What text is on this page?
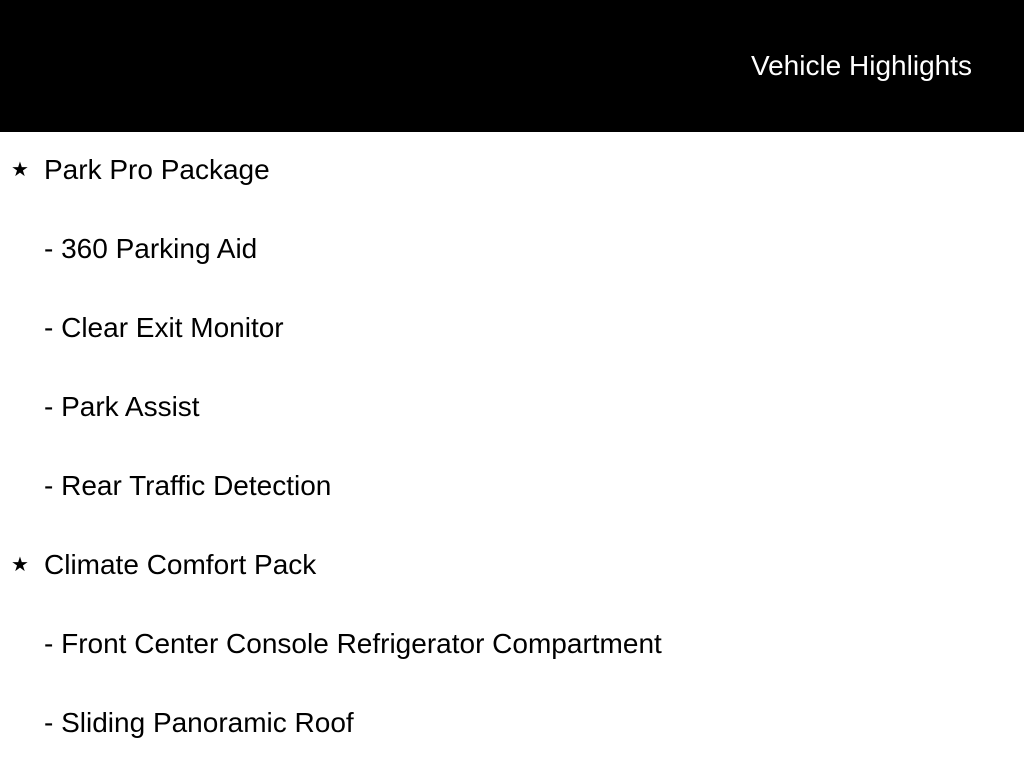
Vehicle Highlights
★ Park Pro Package
- 360 Parking Aid
- Clear Exit Monitor
- Park Assist
- Rear Traffic Detection
★ Climate Comfort Pack
- Front Center Console Refrigerator Compartment
- Sliding Panoramic Roof
